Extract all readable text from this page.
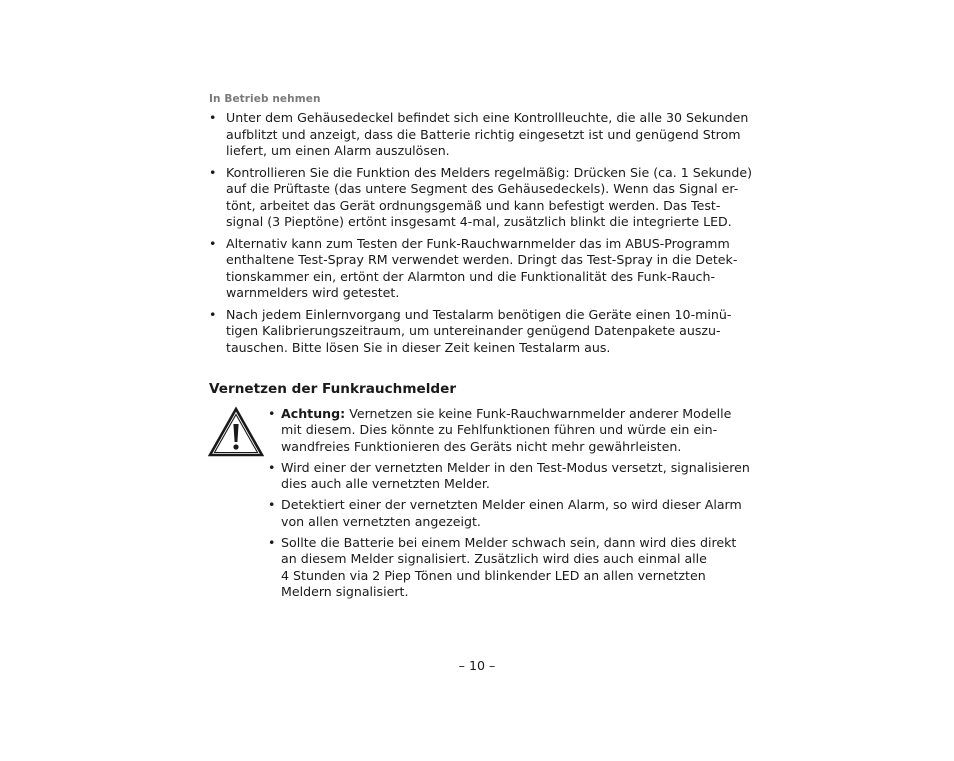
In Betrieb nehmen
• Unter dem Gehäusedeckel befindet sich eine Kontrollleuchte, die alle 30 Sekunden
aufblitzt und anzeigt, dass die Batterie richtig eingesetzt ist und genügend Strom
liefert, um einen Alarm auszulösen.
• Kontrollieren Sie die Funktion des Melders regelmäßig: Drücken Sie (ca. 1 Sekunde)
auf die Prüftaste (das untere Segment des Gehäusedeckels). Wenn das Signal er-
tönt, arbeitet das Gerät ordnungsgemäß und kann befestigt werden. Das Test-
signal (3 Pieptöne) ertönt insgesamt 4-mal, zusätzlich blinkt die integrierte LED.
• Alternativ kann zum Testen der Funk-Rauchwarnmelder das im ABUS-Programm
enthaltene Test-Spray RM verwendet werden. Dringt das Test-Spray in die Detek-
tionskammer ein, ertönt der Alarmton und die Funktionalität des Funk-Rauch-
warnmelders wird getestet.
• Nach jedem Einlernvorgang und Testalarm benötigen die Geräte einen 10-minü-
tigen Kalibrierungszeitraum, um untereinander genügend Datenpakete auszu-
tauschen. Bitte lösen Sie in dieser Zeit keinen Testalarm aus.
Vernetzen der Funkrauchmelder
• Achtung: Vernetzen sie keine Funk-Rauchwarnmelder anderer Modelle
mit diesem. Dies könnte zu Fehlfunktionen führen und würde ein ein-
wandfreies Funktionieren des Geräts nicht mehr gewährleisten.
• Wird einer der vernetzten Melder in den Test-Modus versetzt, signalisieren
dies auch alle vernetzten Melder.
• Detektiert einer der vernetzten Melder einen Alarm, so wird dieser Alarm
von allen vernetzten angezeigt.
• Sollte die Batterie bei einem Melder schwach sein, dann wird dies direkt
an diesem Melder signalisiert. Zusätzlich wird dies auch einmal alle
4 Stunden via 2 Piep Tönen und blinkender LED an allen vernetzten
Meldern signalisiert.
– 10 –
